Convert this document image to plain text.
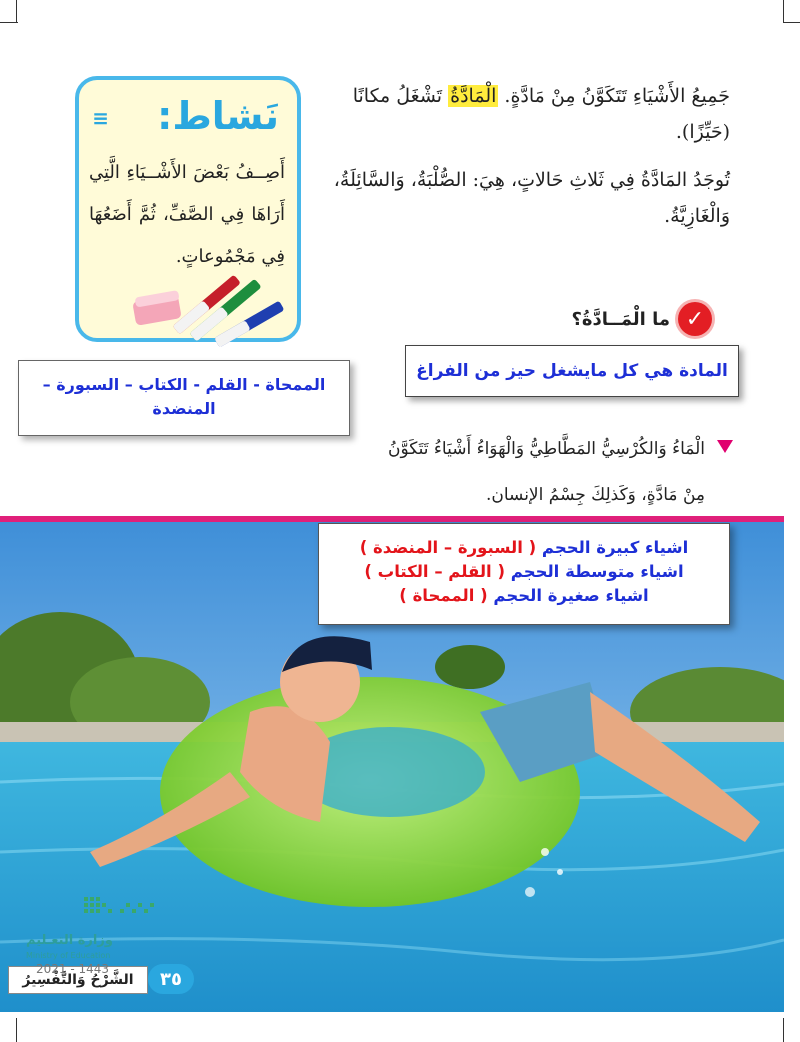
جَمِيعُ الأَشْيَاءِ تَتَكَوَّنُ مِنْ مَادَّةٍ. الْمَادَّةُ تَشْغَلُ مكانًا (حَيِّزًا).

تُوجَدُ المَادَّةُ فِي ثَلاثِ حَالاتٍ، هِيَ: الصُّلْبَةُ، وَالسَّائِلَةُ، وَالْغَازِيَّةُ.

✓
ما الْمَــادَّةُ؟
المادة هي كل مايشغل حيز من الفراغ
≡ نَشاط:
أَصِــفُ بَعْضَ الأَشْــيَاءِ الَّتِي أَرَاهَا فِي الصَّفِّ، ثُمَّ أَضَعُهَا فِي مَجْمُوعاتٍ.
الممحاة - القلم - الكتاب – السبورة – المنضدة
الْمَاءُ وَالكُرْسِيُّ المَطَّاطِيُّ وَالْهَوَاءُ أَشْيَاءُ تَتَكَوَّنُ مِنْ مَادَّةٍ، وَكَذلِكَ جِسْمُ الإنسان.
اشياء كبيرة الحجم ( السبورة – المنضدة )
اشياء متوسطة الحجم ( القلم – الكتاب )
اشياء صغيرة الحجم ( الممحاة )
وزارة التعـليم
Ministry of Education
الشَّرْحُ وَالتَّفْسِيرُ
2021 - 1443	٣٥
